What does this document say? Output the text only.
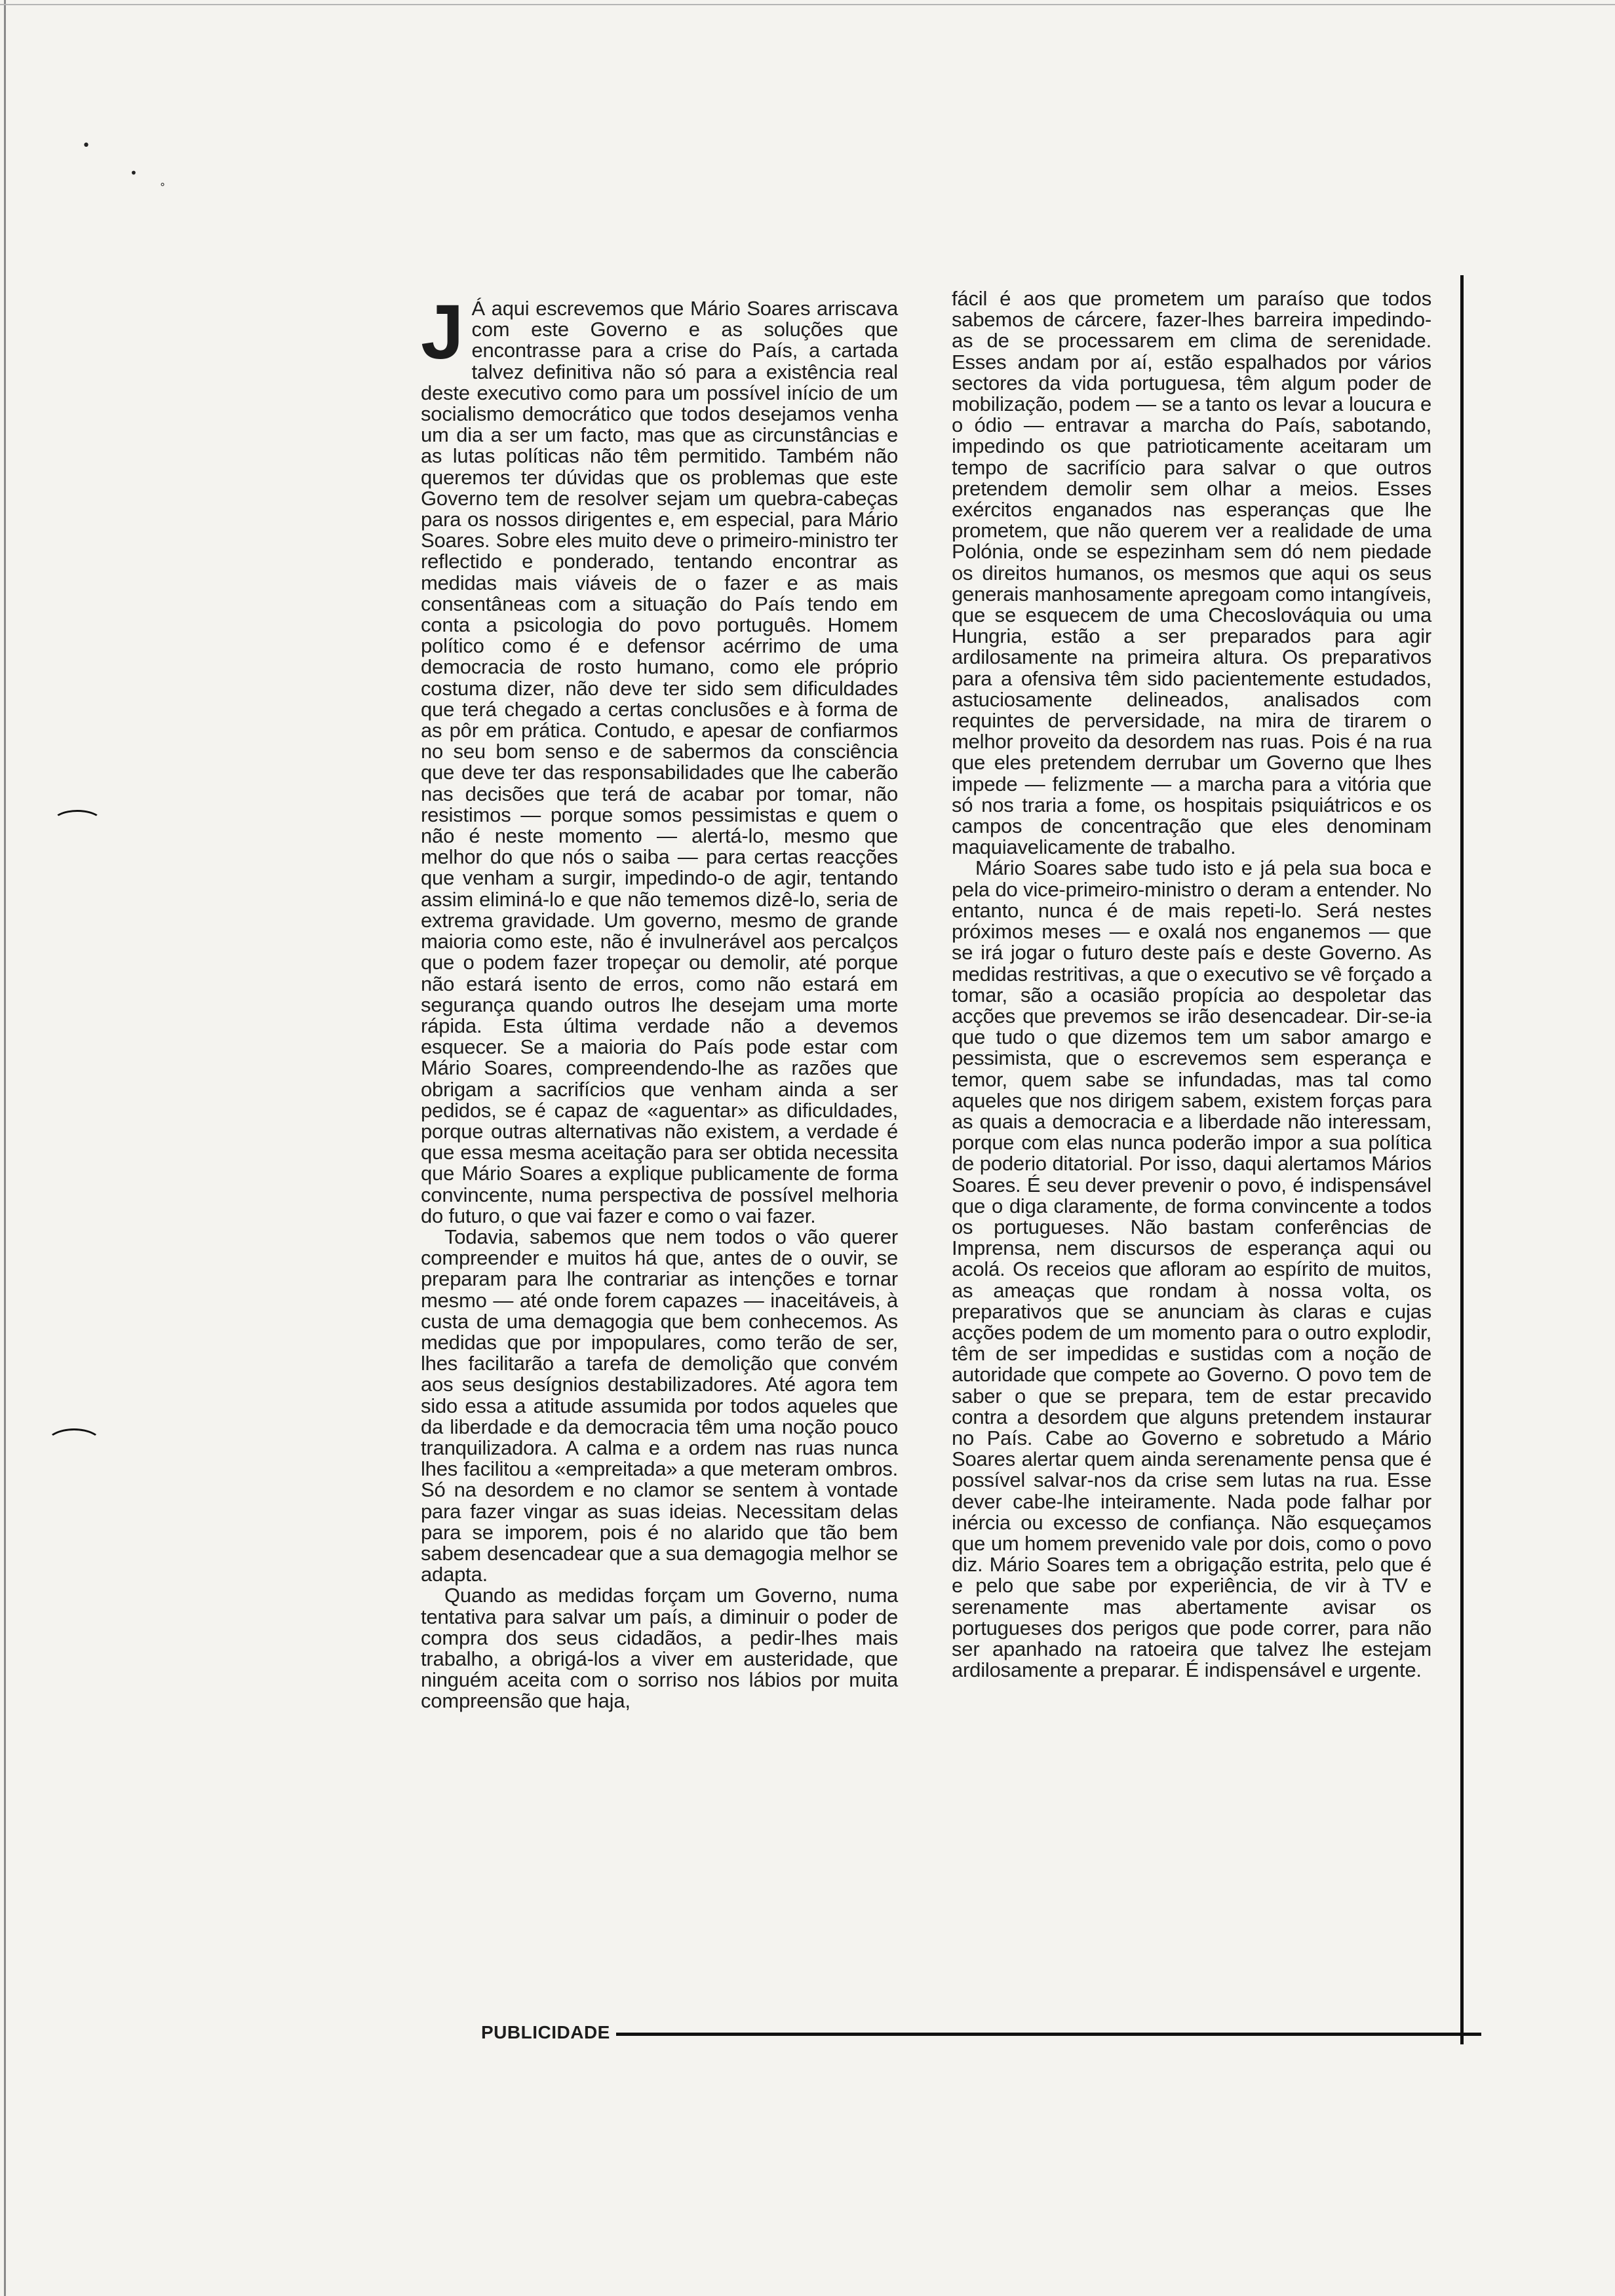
•
•
°
J Á aqui escrevemos que Mário Soares arriscava com este Governo e as soluções que encontrasse para a crise do País, a cartada talvez definitiva não só para a existência real deste executivo como para um possível início de um socialismo democrático que todos desejamos venha um dia a ser um facto, mas que as circunstâncias e as lutas políticas não têm permitido. Também não queremos ter dúvidas que os problemas que este Governo tem de resolver sejam um quebra-cabeças para os nossos dirigentes e, em especial, para Mário Soares. Sobre eles muito deve o primeiro-ministro ter reflectido e ponderado, tentando encontrar as medidas mais viáveis de o fazer e as mais consentâneas com a situação do País tendo em conta a psicologia do povo português. Homem político como é e defensor acérrimo de uma democracia de rosto humano, como ele próprio costuma dizer, não deve ter sido sem dificuldades que terá chegado a certas conclusões e à forma de as pôr em prática. Contudo, e apesar de confiarmos no seu bom senso e de sabermos da consciência que deve ter das responsabilidades que lhe caberão nas decisões que terá de acabar por tomar, não resistimos — porque somos pessimistas e quem o não é neste momento — alertá-lo, mesmo que melhor do que nós o saiba — para certas reacções que venham a surgir, impedindo-o de agir, tentando assim eliminá-lo e que não tememos dizê-lo, seria de extrema gravidade. Um governo, mesmo de grande maioria como este, não é invulnerável aos percalços que o podem fazer tropeçar ou demolir, até porque não estará isento de erros, como não estará em segurança quando outros lhe desejam uma morte rápida. Esta última verdade não a devemos esquecer. Se a maioria do País pode estar com Mário Soares, compreendendo-lhe as razões que obrigam a sacrifícios que venham ainda a ser pedidos, se é capaz de «aguentar» as dificuldades, porque outras alternativas não existem, a verdade é que essa mesma aceitação para ser obtida necessita que Mário Soares a explique publicamente de forma convincente, numa perspectiva de possível melhoria do futuro, o que vai fazer e como o vai fazer.

Todavia, sabemos que nem todos o vão querer compreender e muitos há que, antes de o ouvir, se preparam para lhe contrariar as intenções e tornar mesmo — até onde forem capazes — inaceitáveis, à custa de uma demagogia que bem conhecemos. As medidas que por impopulares, como terão de ser, lhes facilitarão a tarefa de demolição que convém aos seus desígnios destabilizadores. Até agora tem sido essa a atitude assumida por todos aqueles que da liberdade e da democracia têm uma noção pouco tranquilizadora. A calma e a ordem nas ruas nunca lhes facilitou a «empreitada» a que meteram ombros. Só na desordem e no clamor se sentem à vontade para fazer vingar as suas ideias. Necessitam delas para se imporem, pois é no alarido que tão bem sabem desencadear que a sua demagogia melhor se adapta.

Quando as medidas forçam um Governo, numa tentativa para salvar um país, a diminuir o poder de compra dos seus cidadãos, a pedir-lhes mais trabalho, a obrigá-los a viver em austeridade, que ninguém aceita com o sorriso nos lábios por muita compreensão que haja,

fácil é aos que prometem um paraíso que todos sabemos de cárcere, fazer-lhes barreira impedindo-as de se processarem em clima de serenidade. Esses andam por aí, estão espalhados por vários sectores da vida portuguesa, têm algum poder de mobilização, podem — se a tanto os levar a loucura e o ódio — entravar a marcha do País, sabotando, impedindo os que patrioticamente aceitaram um tempo de sacrifício para salvar o que outros pretendem demolir sem olhar a meios. Esses exércitos enganados nas esperanças que lhe prometem, que não querem ver a realidade de uma Polónia, onde se espezinham sem dó nem piedade os direitos humanos, os mesmos que aqui os seus generais manhosamente apregoam como intangíveis, que se esquecem de uma Checoslováquia ou uma Hungria, estão a ser preparados para agir ardilosamente na primeira altura. Os preparativos para a ofensiva têm sido pacientemente estudados, astuciosamente delineados, analisados com requintes de perversidade, na mira de tirarem o melhor proveito da desordem nas ruas. Pois é na rua que eles pretendem derrubar um Governo que lhes impede — felizmente — a marcha para a vitória que só nos traria a fome, os hospitais psiquiátricos e os campos de concentração que eles denominam maquiavelicamente de trabalho.

Mário Soares sabe tudo isto e já pela sua boca e pela do vice-primeiro-ministro o deram a entender. No entanto, nunca é de mais repeti-lo. Será nestes próximos meses — e oxalá nos enganemos — que se irá jogar o futuro deste país e deste Governo. As medidas restritivas, a que o executivo se vê forçado a tomar, são a ocasião propícia ao despoletar das acções que prevemos se irão desencadear. Dir-se-ia que tudo o que dizemos tem um sabor amargo e pessimista, que o escrevemos sem esperança e temor, quem sabe se infundadas, mas tal como aqueles que nos dirigem sabem, existem forças para as quais a democracia e a liberdade não interessam, porque com elas nunca poderão impor a sua política de poderio ditatorial. Por isso, daqui alertamos Mários Soares. É seu dever prevenir o povo, é indispensável que o diga claramente, de forma convincente a todos os portugueses. Não bastam conferências de Imprensa, nem discursos de esperança aqui ou acolá. Os receios que afloram ao espírito de muitos, as ameaças que rondam à nossa volta, os preparativos que se anunciam às claras e cujas acções podem de um momento para o outro explodir, têm de ser impedidas e sustidas com a noção de autoridade que compete ao Governo. O povo tem de saber o que se prepara, tem de estar precavido contra a desordem que alguns pretendem instaurar no País. Cabe ao Governo e sobretudo a Mário Soares alertar quem ainda serenamente pensa que é possível salvar-nos da crise sem lutas na rua. Esse dever cabe-lhe inteiramente. Nada pode falhar por inércia ou excesso de confiança. Não esqueçamos que um homem prevenido vale por dois, como o povo diz. Mário Soares tem a obrigação estrita, pelo que é e pelo que sabe por experiência, de vir à TV e serenamente mas abertamente avisar os portugueses dos perigos que pode correr, para não ser apanhado na ratoeira que talvez lhe estejam ardilosamente a preparar. É indispensável e urgente.

PUBLICIDADE
